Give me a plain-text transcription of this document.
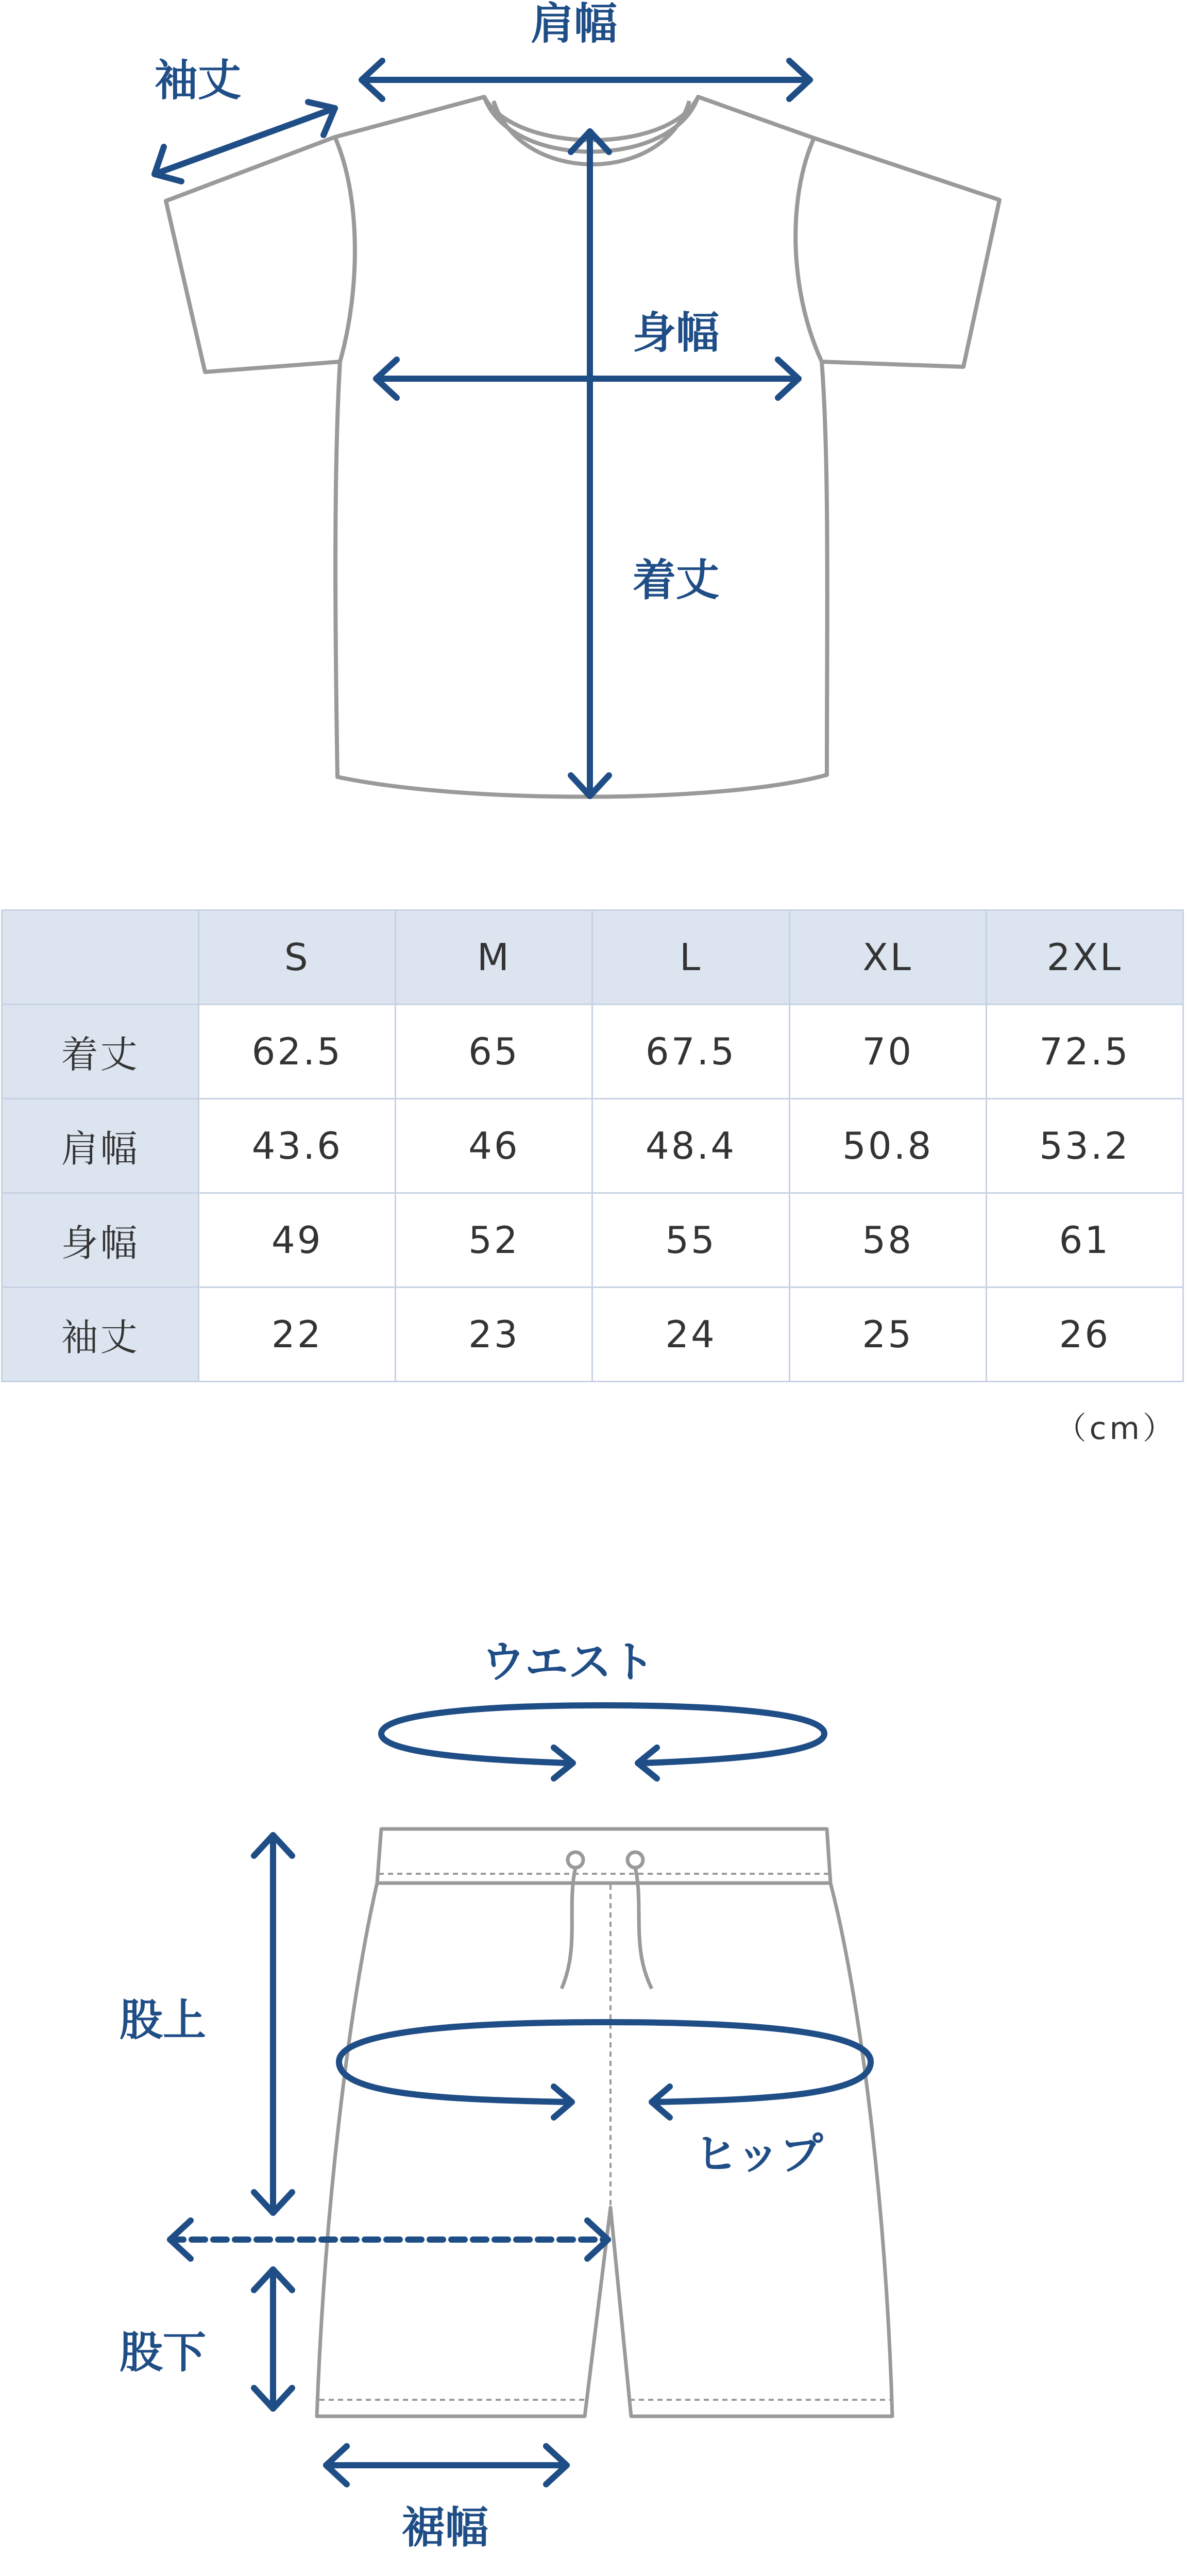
袖丈
肩幅
身幅
着丈
	S	M	L	XL	2XL
着丈	62.5	65	67.5	70	72.5
肩幅	43.6	46	48.4	50.8	53.2
身幅	49	52	55	58	61
袖丈	22	23	24	25	26
（cm）
ウエスト
股上
ヒップ
股下
裾幅
